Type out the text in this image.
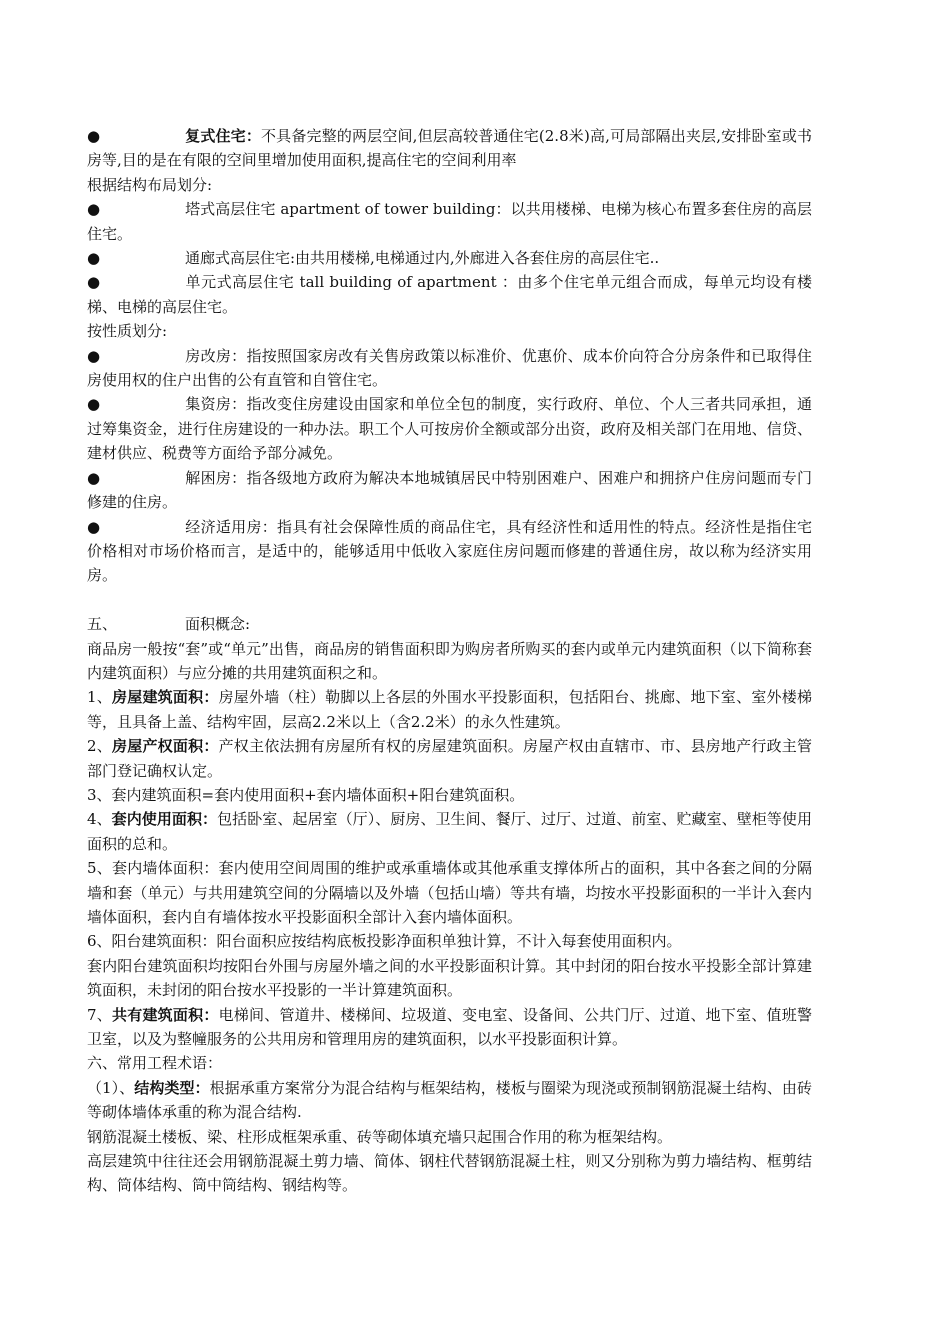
●	复式住宅：不具备完整的两层空间,但层高较普通住宅(2.8米)高,可局部隔出夹层,安排卧室或书房等,目的是在有限的空间里增加使用面积,提高住宅的空间利用率

根据结构布局划分:

●	塔式高层住宅 apartment of tower building：以共用楼梯、电梯为核心布置多套住房的高层住宅。

●	通廊式高层住宅:由共用楼梯,电梯通过内,外廊进入各套住房的高层住宅..

●	单元式高层住宅 tall building of apartment ：由多个住宅单元组合而成，每单元均设有楼梯、电梯的高层住宅。

按性质划分:

●	房改房：指按照国家房改有关售房政策以标准价、优惠价、成本价向符合分房条件和已取得住房使用权的住户出售的公有直管和自管住宅。

●	集资房：指改变住房建设由国家和单位全包的制度，实行政府、单位、个人三者共同承担，通过筹集资金，进行住房建设的一种办法。职工个人可按房价全额或部分出资，政府及相关部门在用地、信贷、建材供应、税费等方面给予部分减免。

●	解困房：指各级地方政府为解决本地城镇居民中特别困难户、困难户和拥挤户住房问题而专门修建的住房。

●	经济适用房：指具有社会保障性质的商品住宅，具有经济性和适用性的特点。经济性是指住宅价格相对市场价格而言，是适中的，能够适用中低收入家庭住房问题而修建的普通住房，故以称为经济实用房。

五、	面积概念:

商品房一般按“套”或“单元”出售，商品房的销售面积即为购房者所购买的套内或单元内建筑面积（以下简称套内建筑面积）与应分摊的共用建筑面积之和。

1、房屋建筑面积：房屋外墙（柱）勒脚以上各层的外围水平投影面积，包括阳台、挑廊、地下室、室外楼梯等，且具备上盖、结构牢固，层高2.2米以上（含2.2米）的永久性建筑。

2、房屋产权面积：产权主依法拥有房屋所有权的房屋建筑面积。房屋产权由直辖市、市、县房地产行政主管部门登记确权认定。

3、套内建筑面积=套内使用面积+套内墙体面积+阳台建筑面积。

4、套内使用面积：包括卧室、起居室（厅）、厨房、卫生间、餐厅、过厅、过道、前室、贮藏室、壁柜等使用面积的总和。

5、套内墙体面积：套内使用空间周围的维护或承重墙体或其他承重支撑体所占的面积，其中各套之间的分隔墙和套（单元）与共用建筑空间的分隔墙以及外墙（包括山墙）等共有墙，均按水平投影面积的一半计入套内墙体面积，套内自有墙体按水平投影面积全部计入套内墙体面积。

6、阳台建筑面积：阳台面积应按结构底板投影净面积单独计算，不计入每套使用面积内。

套内阳台建筑面积均按阳台外围与房屋外墙之间的水平投影面积计算。其中封闭的阳台按水平投影全部计算建筑面积，未封闭的阳台按水平投影的一半计算建筑面积。

7、共有建筑面积：电梯间、管道井、楼梯间、垃圾道、变电室、设备间、公共门厅、过道、地下室、值班警卫室，以及为整幢服务的公共用房和管理用房的建筑面积，以水平投影面积计算。

六、常用工程术语：

（1）、结构类型：根据承重方案常分为混合结构与框架结构，楼板与圈梁为现浇或预制钢筋混凝土结构、由砖等砌体墙体承重的称为混合结构.

钢筋混凝土楼板、梁、柱形成框架承重、砖等砌体填充墙只起围合作用的称为框架结构。

高层建筑中往往还会用钢筋混凝土剪力墙、简体、钢柱代替钢筋混凝土柱，则又分别称为剪力墙结构、框剪结构、筒体结构、筒中筒结构、钢结构等。
